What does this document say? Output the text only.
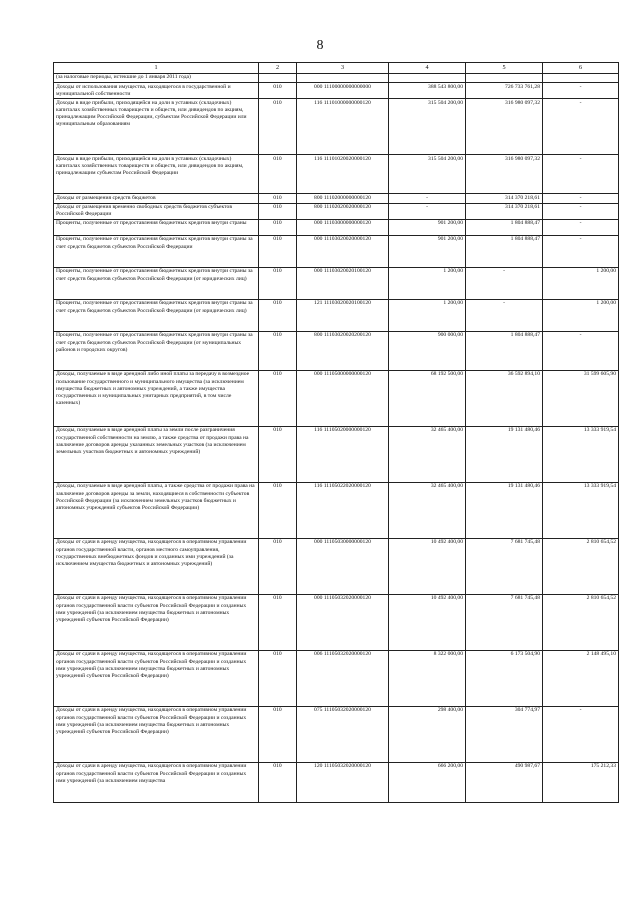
8
1	2	3	4	5	6
(за налоговые периоды, истекшие до 1 января 2011 года)					
Доходы от использования имущества, находящегося в государственной и муниципальной собственности	010	000 11100000000000000	388 543 800,00	726 733 761,28	-
Доходы в виде прибыли, приходящейся на доли в уставных (складочных) капиталах хозяйственных товариществ и обществ, или дивидендов по акциям, принадлежащим Российской Федерации, субъектам Российской Федерации или муниципальным образованиям	010	116 11101000000000120	315 504 200,00	316 980 097,32	-
Доходы в виде прибыли, приходящейся на доли в уставных (складочных) капиталах хозяйственных товариществ и обществ, или дивидендов по акциям, принадлежащим субъектам Российской Федерации	010	116 11101020020000120	315 504 200,00	316 980 097,32	-
Доходы от размещения средств бюджетов	010	800 11102000000000120	-	314 370 218,61	-
Доходы от размещения временно свободных средств бюджетов субъектов Российской Федерации	010	800 11102020020000120	-	314 370 218,61	-
Проценты, полученные от предоставления бюджетных кредитов внутри страны	010	000 11103000000000120	901 200,00	1 804 888,47	-
Проценты, полученные от предоставления бюджетных кредитов внутри страны за счет средств бюджетов субъектов Российской Федерации	010	000 11103020020000120	901 200,00	1 804 888,47	-
Проценты, полученные от предоставления бюджетных кредитов внутри страны за счет средств бюджетов субъектов Российской Федерации (от юридических лиц)	010	000 11103020020100120	1 200,00	-	1 200,00
Проценты, полученные от предоставления бюджетных кредитов внутри страны за счет средств бюджетов субъектов Российской Федерации (от юридических лиц)	010	121 11103020020100120	1 200,00	-	1 200,00
Проценты, полученные от предоставления бюджетных кредитов внутри страны за счет средств бюджетов субъектов Российской Федерации (от муниципальных районов и городских округов)	010	800 11103020020200120	900 000,00	1 804 888,47	-
Доходы, получаемые в виде арендной либо иной платы за передачу в возмездное пользование государственного и муниципального имущества (за исключением имущества бюджетных и автономных учреждений, а также имущества государственных и муниципальных унитарных предприятий, в том числе казенных)	010	000 11105000000000120	68 192 500,00	36 592 894,10	31 599 605,90
Доходы, получаемые в виде арендной платы за земли после разграничения государственной собственности на землю, а также средства от продажи права на заключение договоров аренды указанных земельных участков (за исключением земельных участков бюджетных и автономных учреждений)	010	116 11105020000000120	32 465 400,00	19 131 480,46	13 333 919,54
Доходы, получаемые в виде арендной платы, а также средства от продажи права на заключение договоров аренды за земли, находящиеся в собственности субъектов Российской Федерации (за исключением земельных участков бюджетных и автономных учреждений субъектов Российской Федерации)	010	116 11105022020000120	32 465 400,00	19 131 480,46	13 333 919,54
Доходы от сдачи в аренду имущества, находящегося в оперативном управлении органов государственной власти, органов местного самоуправления, государственных внебюджетных фондов и созданных ими учреждений (за исключением имущества бюджетных и автономных учреждений)	010	000 11105030000000120	10 492 400,00	7 681 745,48	2 810 654,52
Доходы от сдачи в аренду имущества, находящегося в оперативном управлении органов государственной власти субъектов Российской Федерации и созданных ими учреждений (за исключением имущества бюджетных и автономных учреждений субъектов Российской Федерации)	010	000 11105032020000120	10 492 400,00	7 681 745,48	2 810 654,52
Доходы от сдачи в аренду имущества, находящегося в оперативном управлении органов государственной власти субъектов Российской Федерации и созданных ими учреждений (за исключением имущества бюджетных и автономных учреждений субъектов Российской Федерации)	010	006 11105032020000120	8 322 000,00	6 173 504,90	2 148 495,10
Доходы от сдачи в аренду имущества, находящегося в оперативном управлении органов государственной власти субъектов Российской Федерации и созданных ими учреждений (за исключением имущества бюджетных и автономных учреждений субъектов Российской Федерации)	010	075 11105032020000120	298 400,00	304 774,97	-
Доходы от сдачи в аренду имущества, находящегося в оперативном управлении органов государственной власти субъектов Российской Федерации и созданных ими учреждений (за исключением имущества	010	120 11105032020000120	666 200,00	490 987,67	175 212,33
